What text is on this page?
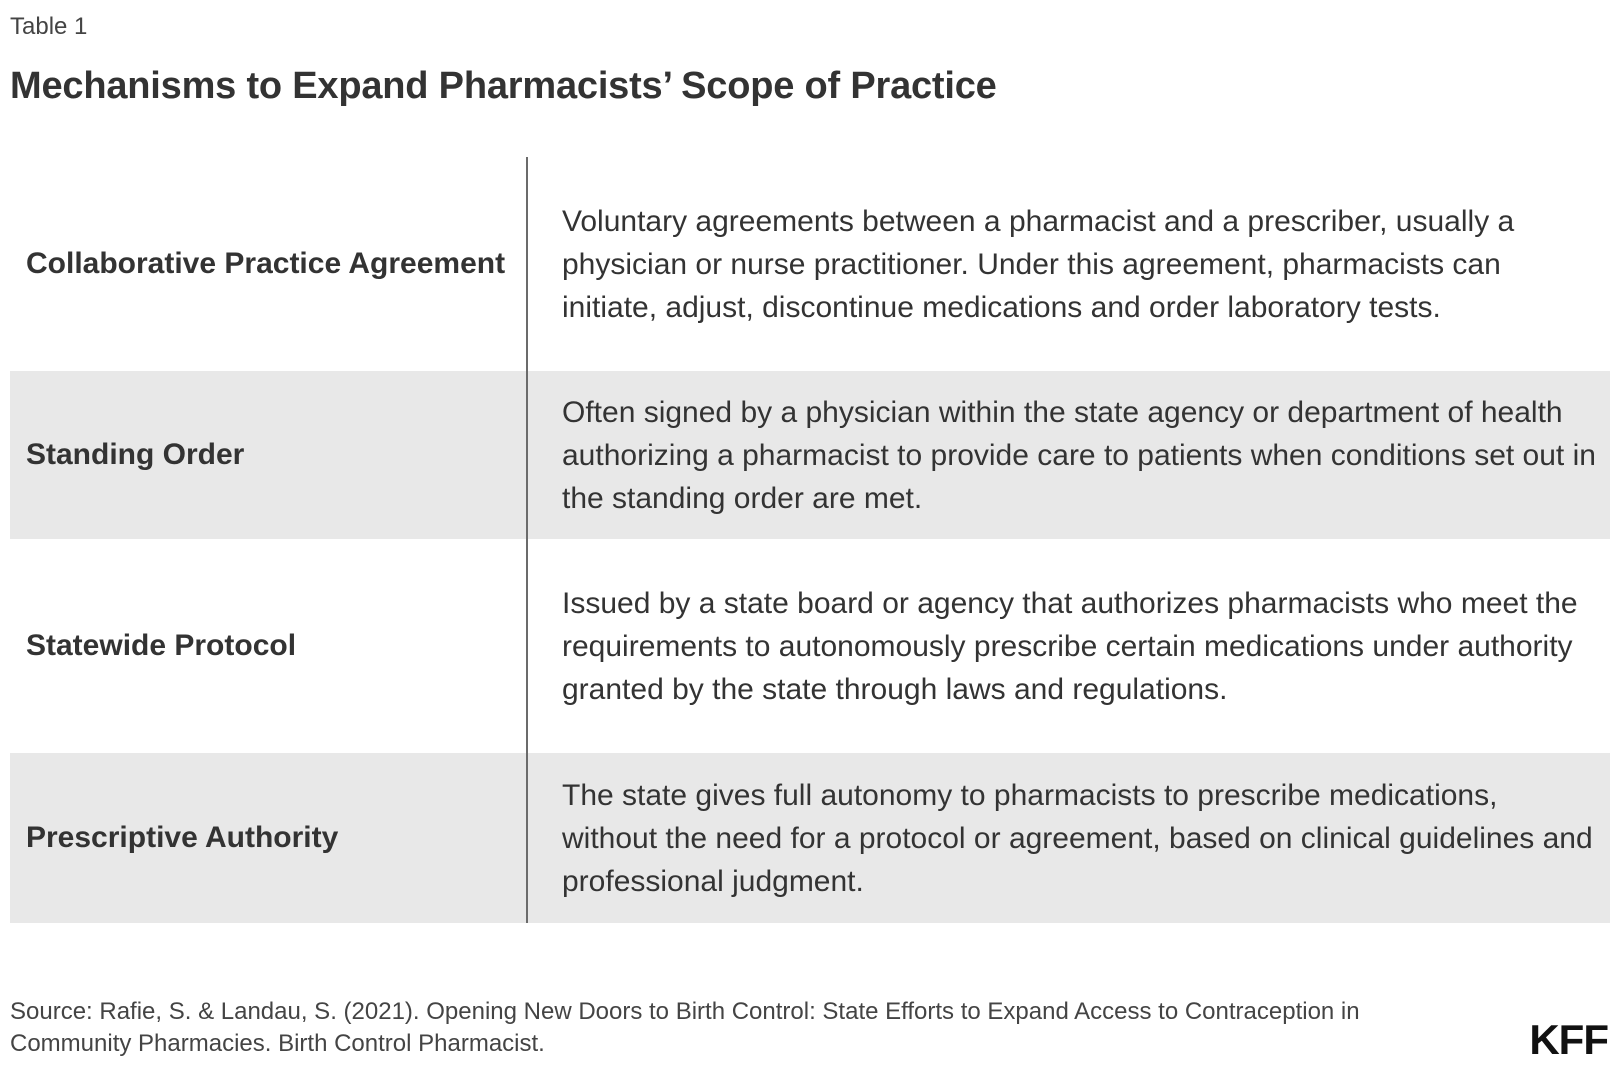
Table 1
Mechanisms to Expand Pharmacists’ Scope of Practice
Collaborative Practice Agreement
Voluntary agreements between a pharmacist and a prescriber, usually a physician or nurse practitioner. Under this agreement, pharmacists can initiate, adjust, discontinue medications and order laboratory tests.
Standing Order
Often signed by a physician within the state agency or department of health authorizing a pharmacist to provide care to patients when conditions set out in the standing order are met.
Statewide Protocol
Issued by a state board or agency that authorizes pharmacists who meet the requirements to autonomously prescribe certain medications under authority granted by the state through laws and regulations.
Prescriptive Authority
The state gives full autonomy to pharmacists to prescribe medications, without the need for a protocol or agreement, based on clinical guidelines and professional judgment.
Source: Rafie, S. & Landau, S. (2021). Opening New Doors to Birth Control: State Efforts to Expand Access to Contraception in Community Pharmacies. Birth Control Pharmacist.	KFF
